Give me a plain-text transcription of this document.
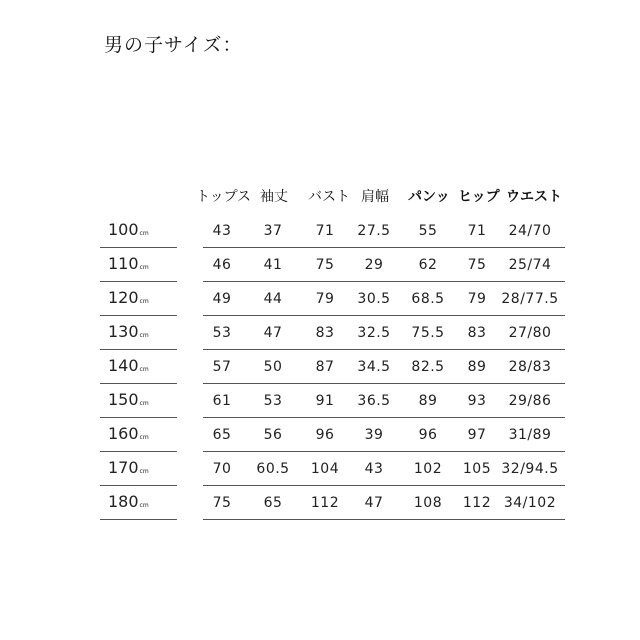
男の子サイズ：
トップス 袖丈 バスト 肩幅 パンッ ヒップ ウエスト
100cm	43 37 71 27.5 55 71 24/70
110cm	46 41 75 29	62 75 25/74
120cm	49 44 79 30.5 68.5 79 28/77.5
130cm	53 47 83 32.5 75.5 83 27/80
140cm	57 50 87 34.5 82.5 89 28/83
150cm	61 53 91 36.5 89 93 29/86
160cm	65 56 96 39	96 97 31/89
170cm	70 60.5 104 43 102 105 32/94.5
180cm	75 65 112 47 108 112 34/102
